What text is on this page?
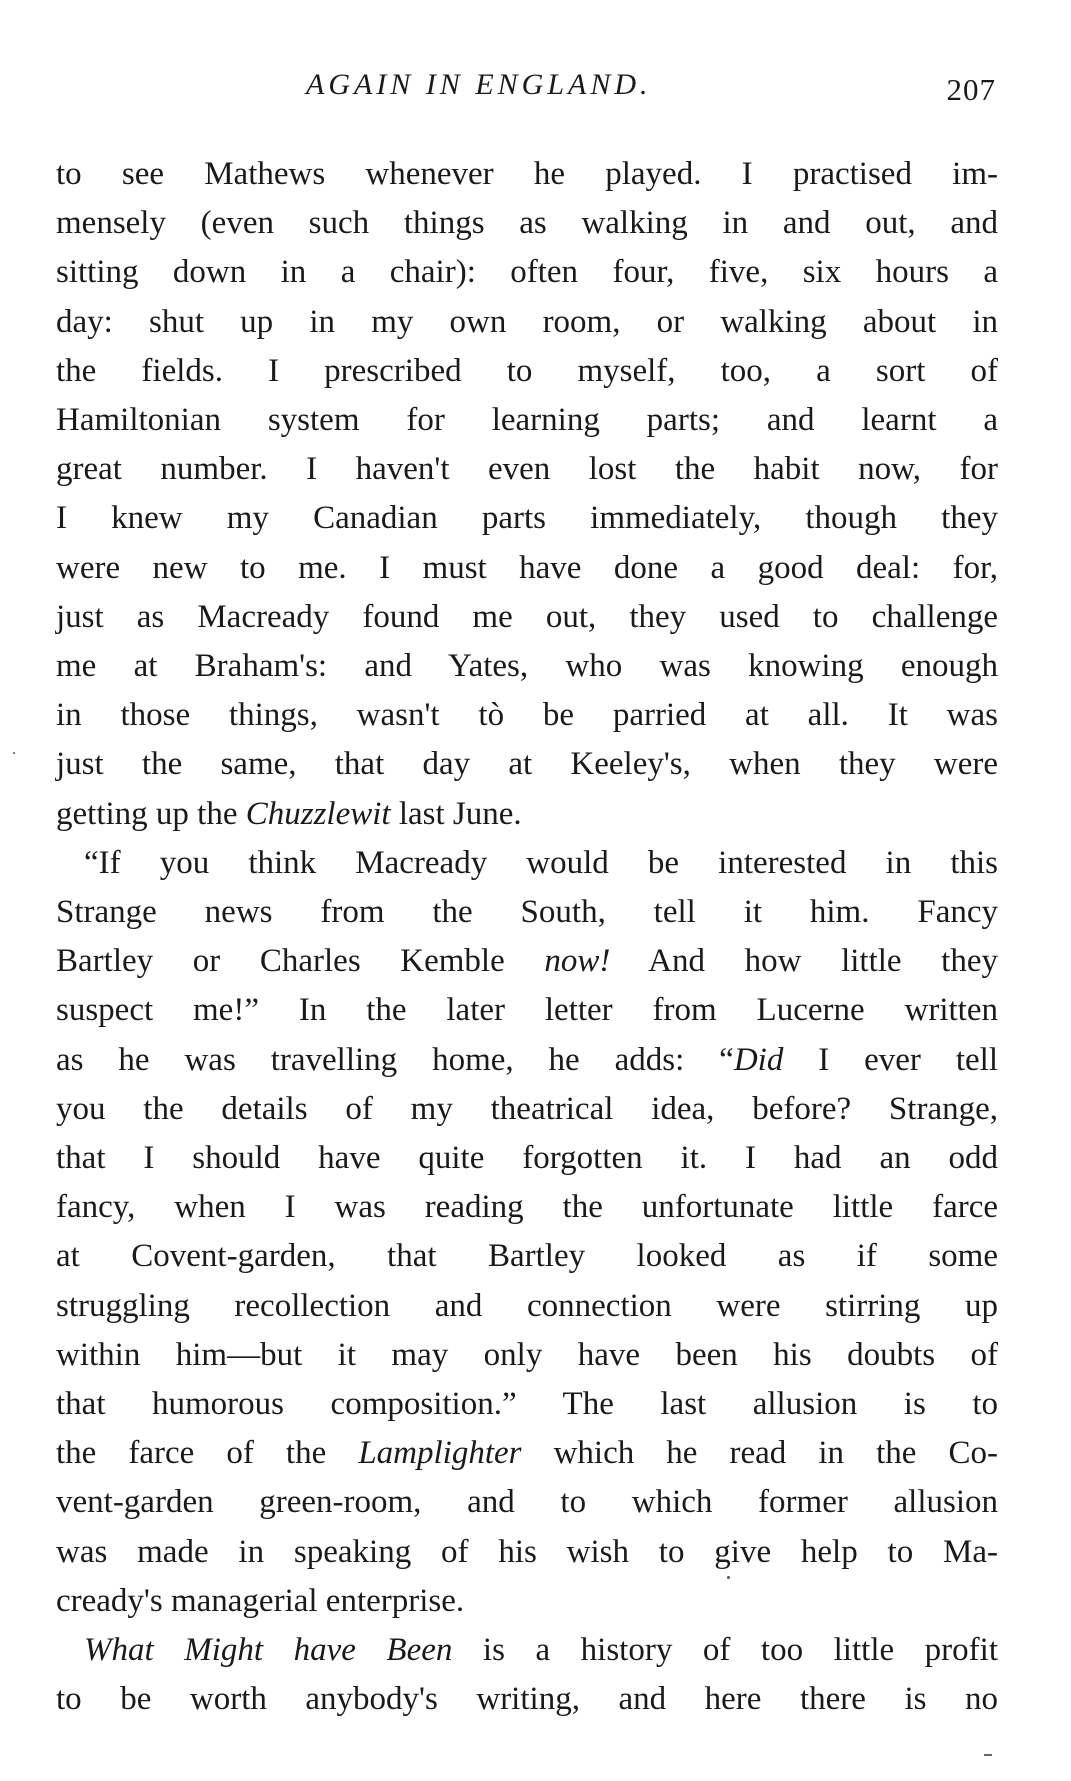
AGAIN IN ENGLAND.	207
to see Mathews whenever he played. I practised im-
mensely (even such things as walking in and out, and
sitting down in a chair): often four, five, six hours a
day: shut up in my own room, or walking about in
the fields. I prescribed to myself, too, a sort of
Hamiltonian system for learning parts; and learnt a
great number. I haven't even lost the habit now, for
I knew my Canadian parts immediately, though they
were new to me. I must have done a good deal: for,
just as Macready found me out, they used to challenge
me at Braham's: and Yates, who was knowing enough
in those things, wasn't tò be parried at all. It was
just the same, that day at Keeley's, when they were
getting up the Chuzzlewit last June.
“If you think Macready would be interested in this
Strange news from the South, tell it him. Fancy
Bartley or Charles Kemble now! And how little they
suspect me!” In the later letter from Lucerne written
as he was travelling home, he adds: “Did I ever tell
you the details of my theatrical idea, before? Strange,
that I should have quite forgotten it. I had an odd
fancy, when I was reading the unfortunate little farce
at Covent-garden, that Bartley looked as if some
struggling recollection and connection were stirring up
within him—but it may only have been his doubts of
that humorous composition.” The last allusion is to
the farce of the Lamplighter which he read in the Co-
vent-garden green-room, and to which former allusion
was made in speaking of his wish to give help to Ma-
cready's managerial enterprise.
What Might have Been is a history of too little profit
to be worth anybody's writing, and here there is no
